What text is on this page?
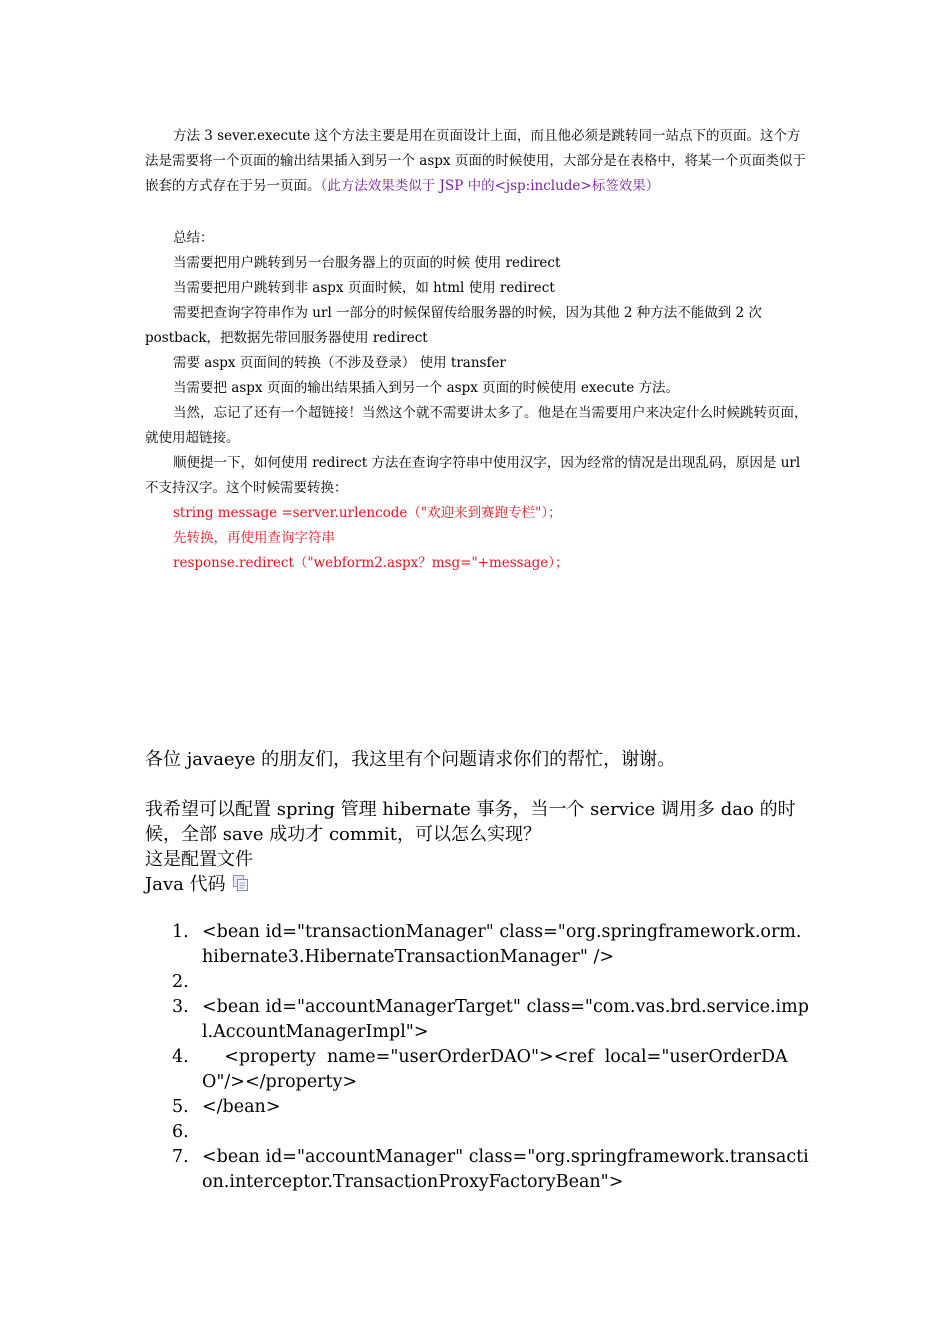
方法 3 sever.execute 这个方法主要是用在页面设计上面，而且他必须是跳转同一站点下的页面。这个方法是需要将一个页面的输出结果插入到另一个 aspx 页面的时候使用，大部分是在表格中，将某一个页面类似于嵌套的方式存在于另一页面。（此方法效果类似于 JSP 中的<jsp:include>标签效果）

总结：

当需要把用户跳转到另一台服务器上的页面的时候 使用 redirect

当需要把用户跳转到非 aspx 页面时候，如 html 使用 redirect

需要把查询字符串作为 url 一部分的时候保留传给服务器的时候，因为其他 2 种方法不能做到 2 次 postback，把数据先带回服务器使用 redirect

需要 aspx 页面间的转换（不涉及登录） 使用 transfer

当需要把 aspx 页面的输出结果插入到另一个 aspx 页面的时候使用 execute 方法。

当然，忘记了还有一个超链接！当然这个就不需要讲太多了。他是在当需要用户来决定什么时候跳转页面，就使用超链接。

顺便提一下，如何使用 redirect 方法在查询字符串中使用汉字，因为经常的情况是出现乱码，原因是 url 不支持汉字。这个时候需要转换：

string message =server.urlencode（"欢迎来到赛跑专栏"）；

先转换，再使用查询字符串

response.redirect（"webform2.aspx？msg="+message）；

各位 javaeye 的朋友们，我这里有个问题请求你们的帮忙，谢谢。

我希望可以配置 spring 管理 hibernate 事务，当一个 service 调用多 dao 的时候，全部 save 成功才 commit，可以怎么实现？

这是配置文件

Java 代码

1. <bean id="transactionManager" class="org.springframework.orm.hibernate3.HibernateTransactionManager" />
2.
3. <bean id="accountManagerTarget" class="com.vas.brd.service.impl.AccountManagerImpl">
4. <property  name="userOrderDAO"><ref  local="userOrderDAO"/></property>
5. </bean>
6.
7. <bean id="accountManager" class="org.springframework.transaction.interceptor.TransactionProxyFactoryBean">
